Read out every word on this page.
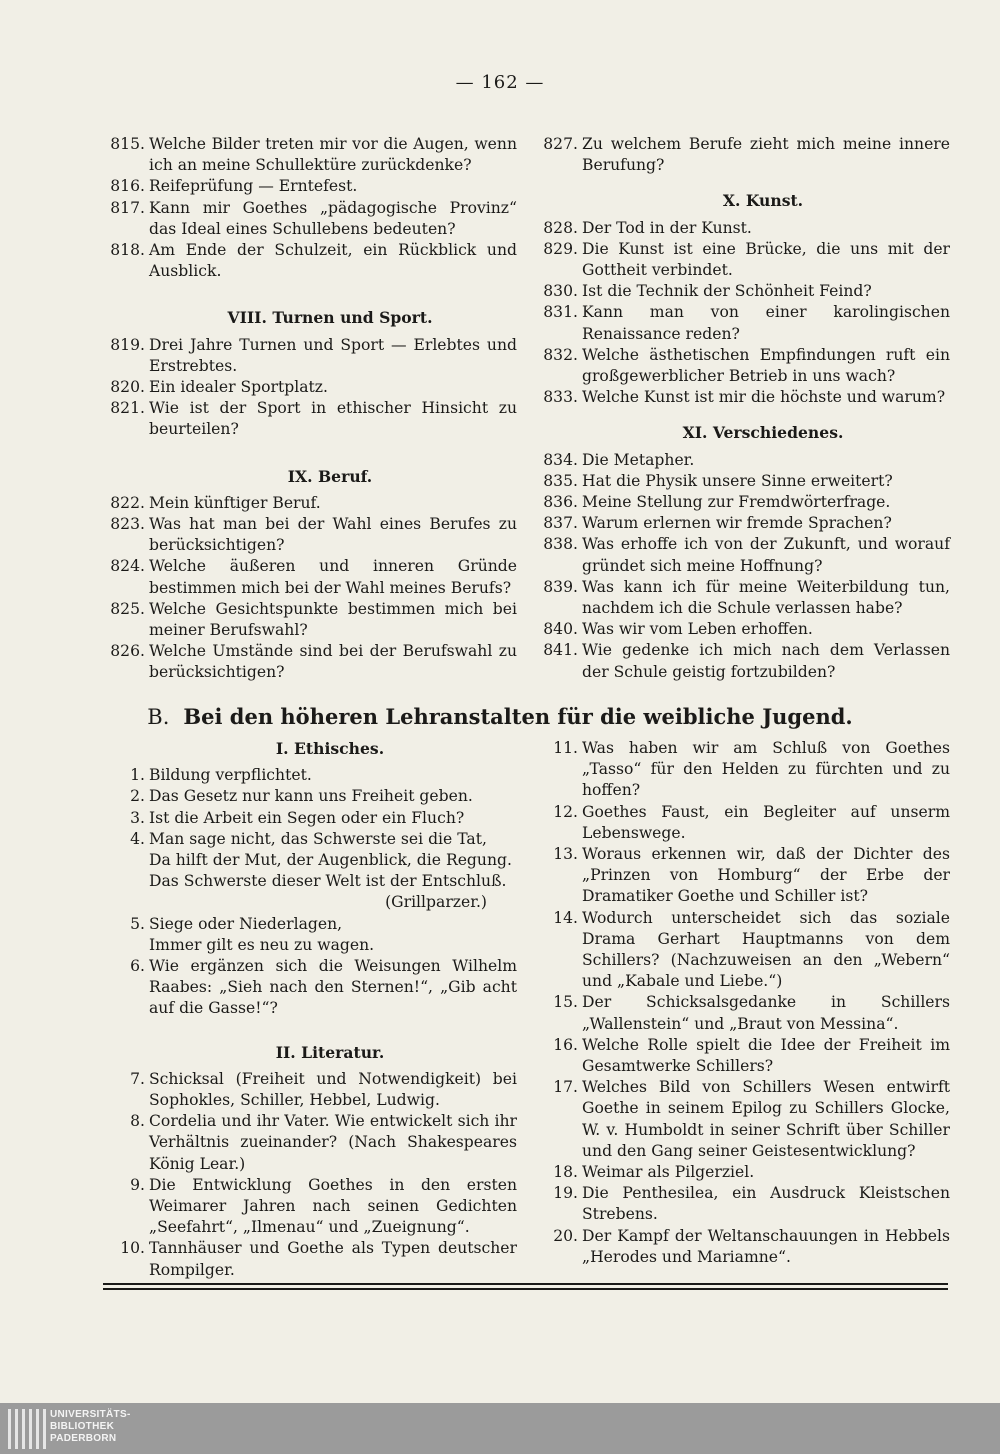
— 162 —
815. Welche Bilder treten mir vor die Augen, wenn ich an meine Schullektüre zurückdenke?
816. Reifeprüfung — Erntefest.
817. Kann mir Goethes „pädagogische Provinz“ das Ideal eines Schullebens bedeuten?
818. Am Ende der Schulzeit, ein Rückblick und Ausblick.
VIII. Turnen und Sport.
819. Drei Jahre Turnen und Sport — Erlebtes und Erstrebtes.
820. Ein idealer Sportplatz.
821. Wie ist der Sport in ethischer Hinsicht zu beurteilen?
IX. Beruf.
822. Mein künftiger Beruf.
823. Was hat man bei der Wahl eines Berufes zu berücksichtigen?
824. Welche äußeren und inneren Gründe bestimmen mich bei der Wahl meines Berufs?
825. Welche Gesichtspunkte bestimmen mich bei meiner Berufswahl?
826. Welche Umstände sind bei der Berufswahl zu berücksichtigen?
827. Zu welchem Berufe zieht mich meine innere Berufung?
X. Kunst.
828. Der Tod in der Kunst.
829. Die Kunst ist eine Brücke, die uns mit der Gottheit verbindet.
830. Ist die Technik der Schönheit Feind?
831. Kann man von einer karolingischen Renaissance reden?
832. Welche ästhetischen Empfindungen ruft ein großgewerblicher Betrieb in uns wach?
833. Welche Kunst ist mir die höchste und warum?
XI. Verschiedenes.
834. Die Metapher.
835. Hat die Physik unsere Sinne erweitert?
836. Meine Stellung zur Fremdwörterfrage.
837. Warum erlernen wir fremde Sprachen?
838. Was erhoffe ich von der Zukunft, und worauf gründet sich meine Hoffnung?
839. Was kann ich für meine Weiterbildung tun, nachdem ich die Schule verlassen habe?
840. Was wir vom Leben erhoffen.
841. Wie gedenke ich mich nach dem Verlassen der Schule geistig fortzubilden?
B. Bei den höheren Lehranstalten für die weibliche Jugend.
I. Ethisches.
1. Bildung verpflichtet.
2. Das Gesetz nur kann uns Freiheit geben.
3. Ist die Arbeit ein Segen oder ein Fluch?
4. Man sage nicht, das Schwerste sei die Tat,
Da hilft der Mut, der Augenblick, die Regung.
Das Schwerste dieser Welt ist der Entschluß.
(Grillparzer.)
5. Siege oder Niederlagen,
Immer gilt es neu zu wagen.
6. Wie ergänzen sich die Weisungen Wilhelm Raabes: „Sieh nach den Sternen!“, „Gib acht auf die Gasse!“?
II. Literatur.
7. Schicksal (Freiheit und Notwendigkeit) bei Sophokles, Schiller, Hebbel, Ludwig.
8. Cordelia und ihr Vater. Wie entwickelt sich ihr Verhältnis zueinander? (Nach Shakespeares König Lear.)
9. Die Entwicklung Goethes in den ersten Weimarer Jahren nach seinen Gedichten „Seefahrt“, „Ilmenau“ und „Zueignung“.
10. Tannhäuser und Goethe als Typen deutscher Rompilger.
11. Was haben wir am Schluß von Goethes „Tasso“ für den Helden zu fürchten und zu hoffen?
12. Goethes Faust, ein Begleiter auf unserm Lebenswege.
13. Woraus erkennen wir, daß der Dichter des „Prinzen von Homburg“ der Erbe der Dramatiker Goethe und Schiller ist?
14. Wodurch unterscheidet sich das soziale Drama Gerhart Hauptmanns von dem Schillers? (Nachzuweisen an den „Webern“ und „Kabale und Liebe.“)
15. Der Schicksalsgedanke in Schillers „Wallenstein“ und „Braut von Messina“.
16. Welche Rolle spielt die Idee der Freiheit im Gesamtwerke Schillers?
17. Welches Bild von Schillers Wesen entwirft Goethe in seinem Epilog zu Schillers Glocke, W. v. Humboldt in seiner Schrift über Schiller und den Gang seiner Geistesentwicklung?
18. Weimar als Pilgerziel.
19. Die Penthesilea, ein Ausdruck Kleistschen Strebens.
20. Der Kampf der Weltanschauungen in Hebbels „Herodes und Mariamne“.
UNIVERSITÄTS-
BIBLIOTHEK
PADERBORN
